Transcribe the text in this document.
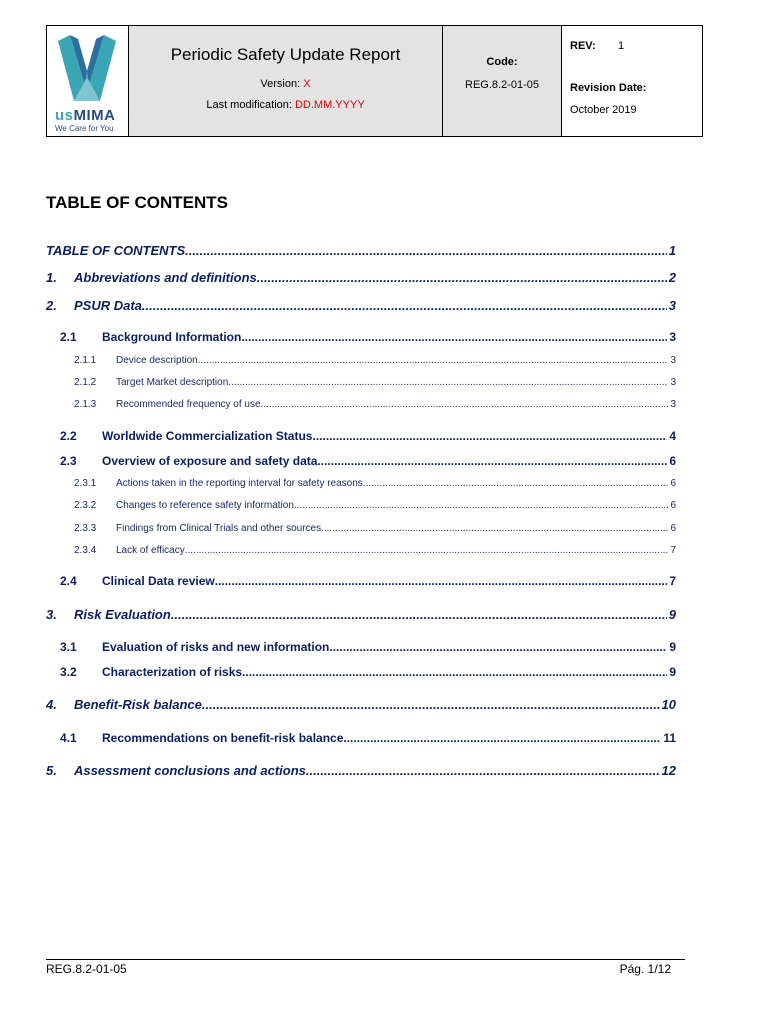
usMIMA
We Care for You
Periodic Safety Update Report
Version: X
Last modification: DD.MM.YYYY
Code:
REG.8.2-01-05
REV: 1
Revision Date:
October 2019
TABLE OF CONTENTS
TABLE OF CONTENTS .....	1
1.	Abbreviations and definitions .....	2
2.	PSUR Data .....	3
2.1	Background Information .....	3
2.1.1	Device description .....	3
2.1.2	Target Market description .....	3
2.1.3	Recommended frequency of use .....	3
2.2	Worldwide Commercialization Status .....	4
2.3	Overview of exposure and safety data .....	6
2.3.1	Actions taken in the reporting interval for safety reasons .....	6
2.3.2	Changes to reference safety information .....	6
2.3.3	Findings from Clinical Trials and other sources .....	6
2.3.4	Lack of efficacy .....	7
2.4	Clinical Data review .....	7
3.	Risk Evaluation .....	9
3.1	Evaluation of risks and new information .....	9
3.2	Characterization of risks .....	9
4.	Benefit-Risk balance .....	10
4.1	Recommendations on benefit-risk balance .....	11
5.	Assessment conclusions and actions .....	12
REG.8.2-01-05	Pág. 1/12
